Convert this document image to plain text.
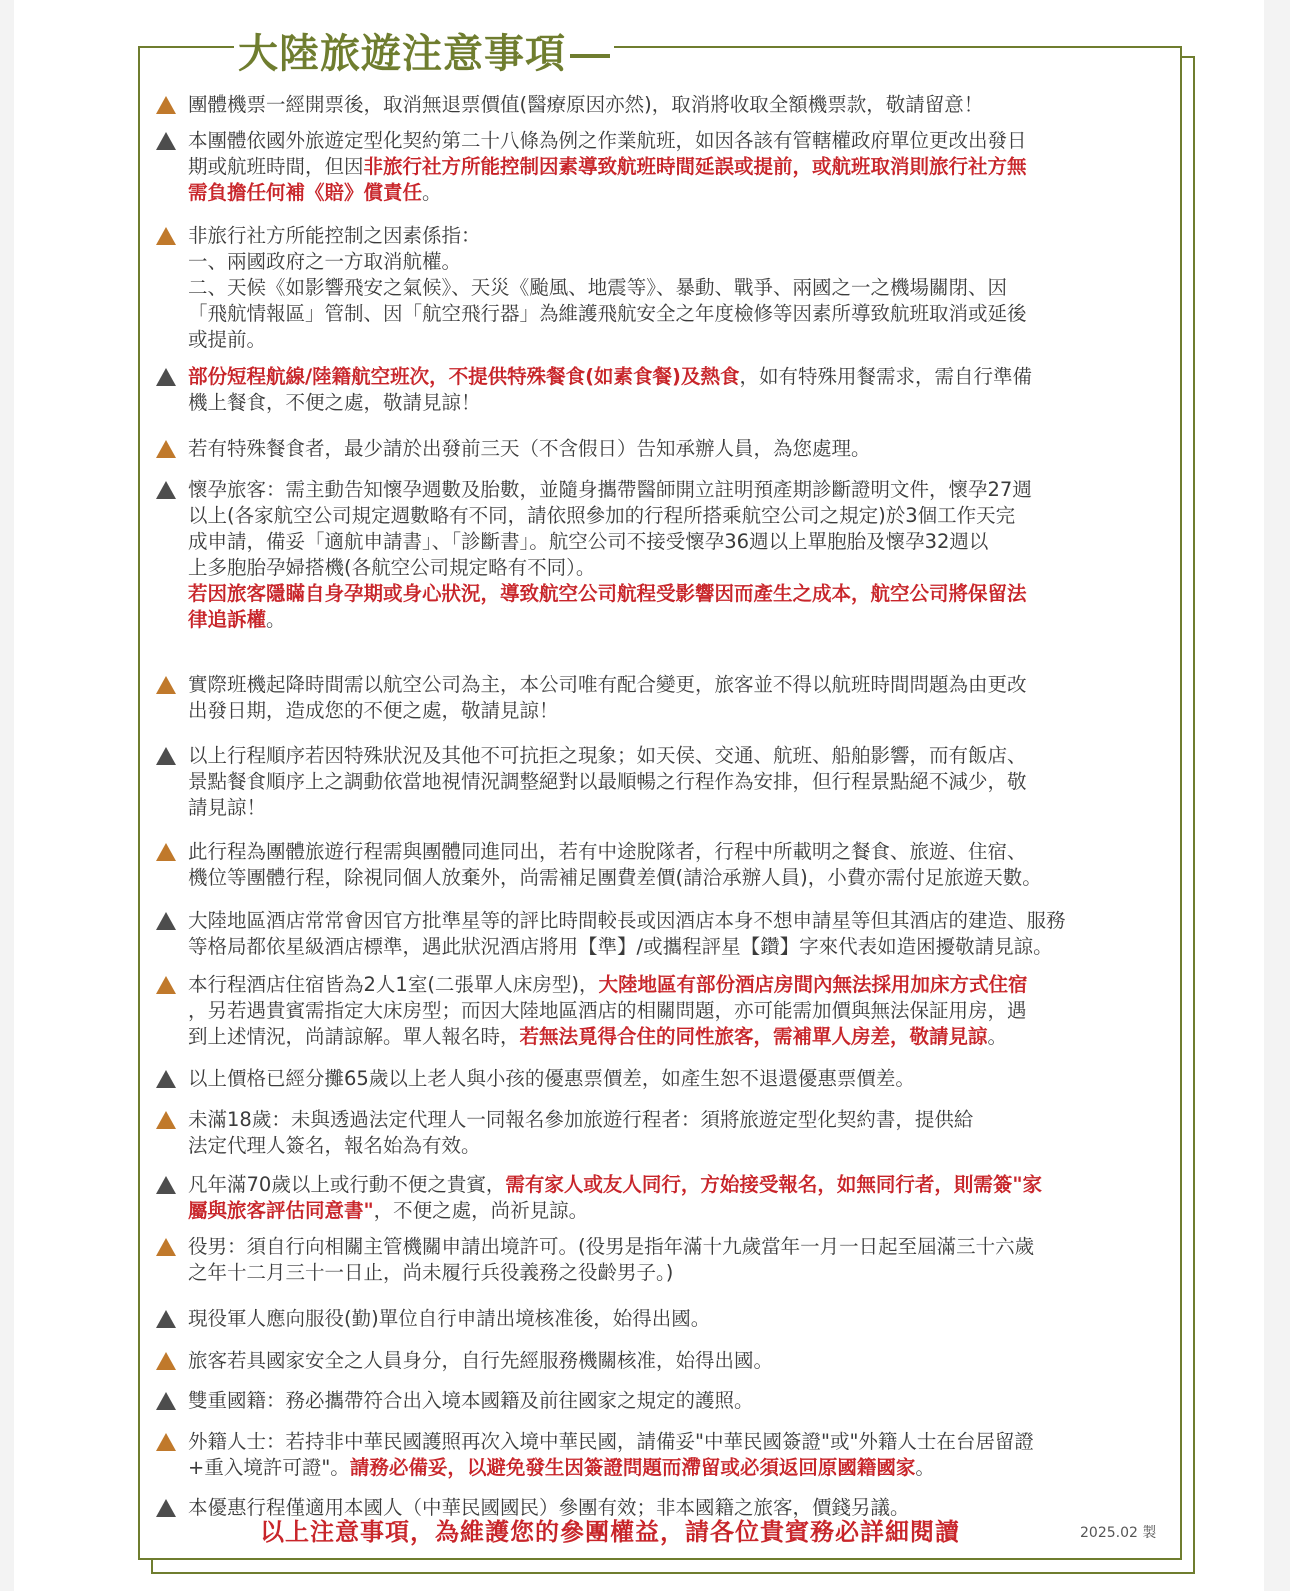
大陸旅遊注意事項
團體機票一經開票後，取消無退票價值(醫療原因亦然)，取消將收取全額機票款，敬請留意！
本團體依國外旅遊定型化契約第二十八條為例之作業航班，如因各該有管轄權政府單位更改出發日
期或航班時間，但因非旅行社方所能控制因素導致航班時間延誤或提前，或航班取消則旅行社方無
需負擔任何補《賠》償責任。
非旅行社方所能控制之因素係指：
一、兩國政府之一方取消航權。
二、天候《如影響飛安之氣候》、天災《颱風、地震等》、暴動、戰爭、兩國之一之機場關閉、因
「飛航情報區」管制、因「航空飛行器」為維護飛航安全之年度檢修等因素所導致航班取消或延後
或提前。
部份短程航線/陸籍航空班次，不提供特殊餐食(如素食餐)及熱食，如有特殊用餐需求，需自行準備
機上餐食，不便之處，敬請見諒！
若有特殊餐食者，最少請於出發前三天（不含假日）告知承辦人員，為您處理。
懷孕旅客：需主動告知懷孕週數及胎數，並隨身攜帶醫師開立註明預產期診斷證明文件，懷孕27週
以上(各家航空公司規定週數略有不同，請依照參加的行程所搭乘航空公司之規定)於3個工作天完
成申請，備妥「適航申請書」、「診斷書」。航空公司不接受懷孕36週以上單胞胎及懷孕32週以
上多胞胎孕婦搭機(各航空公司規定略有不同）。
若因旅客隱瞞自身孕期或身心狀況，導致航空公司航程受影響因而產生之成本，航空公司將保留法
律追訴權。
實際班機起降時間需以航空公司為主，本公司唯有配合變更，旅客並不得以航班時間問題為由更改
出發日期，造成您的不便之處，敬請見諒！
以上行程順序若因特殊狀況及其他不可抗拒之現象；如天侯、交通、航班、船舶影響，而有飯店、
景點餐食順序上之調動依當地視情況調整絕對以最順暢之行程作為安排，但行程景點絕不減少，敬
請見諒！
此行程為團體旅遊行程需與團體同進同出，若有中途脫隊者，行程中所載明之餐食、旅遊、住宿、
機位等團體行程，除視同個人放棄外，尚需補足團費差價(請洽承辦人員)，小費亦需付足旅遊天數。
大陸地區酒店常常會因官方批準星等的評比時間較長或因酒店本身不想申請星等但其酒店的建造、服務
等格局都依星級酒店標準，遇此狀況酒店將用【準】/或攜程評星【鑽】字來代表如造困擾敬請見諒。
本行程酒店住宿皆為2人1室(二張單人床房型)，大陸地區有部份酒店房間內無法採用加床方式住宿
，另若遇貴賓需指定大床房型；而因大陸地區酒店的相關問題，亦可能需加價與無法保証用房，遇
到上述情況，尚請諒解。單人報名時，若無法覓得合住的同性旅客，需補單人房差，敬請見諒。
以上價格已經分攤65歲以上老人與小孩的優惠票價差，如產生恕不退還優惠票價差。
未滿18歲：未與透過法定代理人一同報名參加旅遊行程者：須將旅遊定型化契約書，提供給
法定代理人簽名，報名始為有效。
凡年滿70歲以上或行動不便之貴賓，需有家人或友人同行，方始接受報名，如無同行者，則需簽"家
屬與旅客評估同意書"，不便之處，尚祈見諒。
役男：須自行向相關主管機關申請出境許可。(役男是指年滿十九歲當年一月一日起至屆滿三十六歲
之年十二月三十一日止，尚未履行兵役義務之役齡男子。)
現役軍人應向服役(勤)單位自行申請出境核准後，始得出國。
旅客若具國家安全之人員身分，自行先經服務機關核准，始得出國。
雙重國籍：務必攜帶符合出入境本國籍及前往國家之規定的護照。
外籍人士：若持非中華民國護照再次入境中華民國，請備妥"中華民國簽證"或"外籍人士在台居留證
+重入境許可證"。請務必備妥，以避免發生因簽證問題而滯留或必須返回原國籍國家。
本優惠行程僅適用本國人（中華民國國民）參團有效；非本國籍之旅客，價錢另議。
以上注意事項，為維護您的參團權益，請各位貴賓務必詳細閱讀	2025.02 製
